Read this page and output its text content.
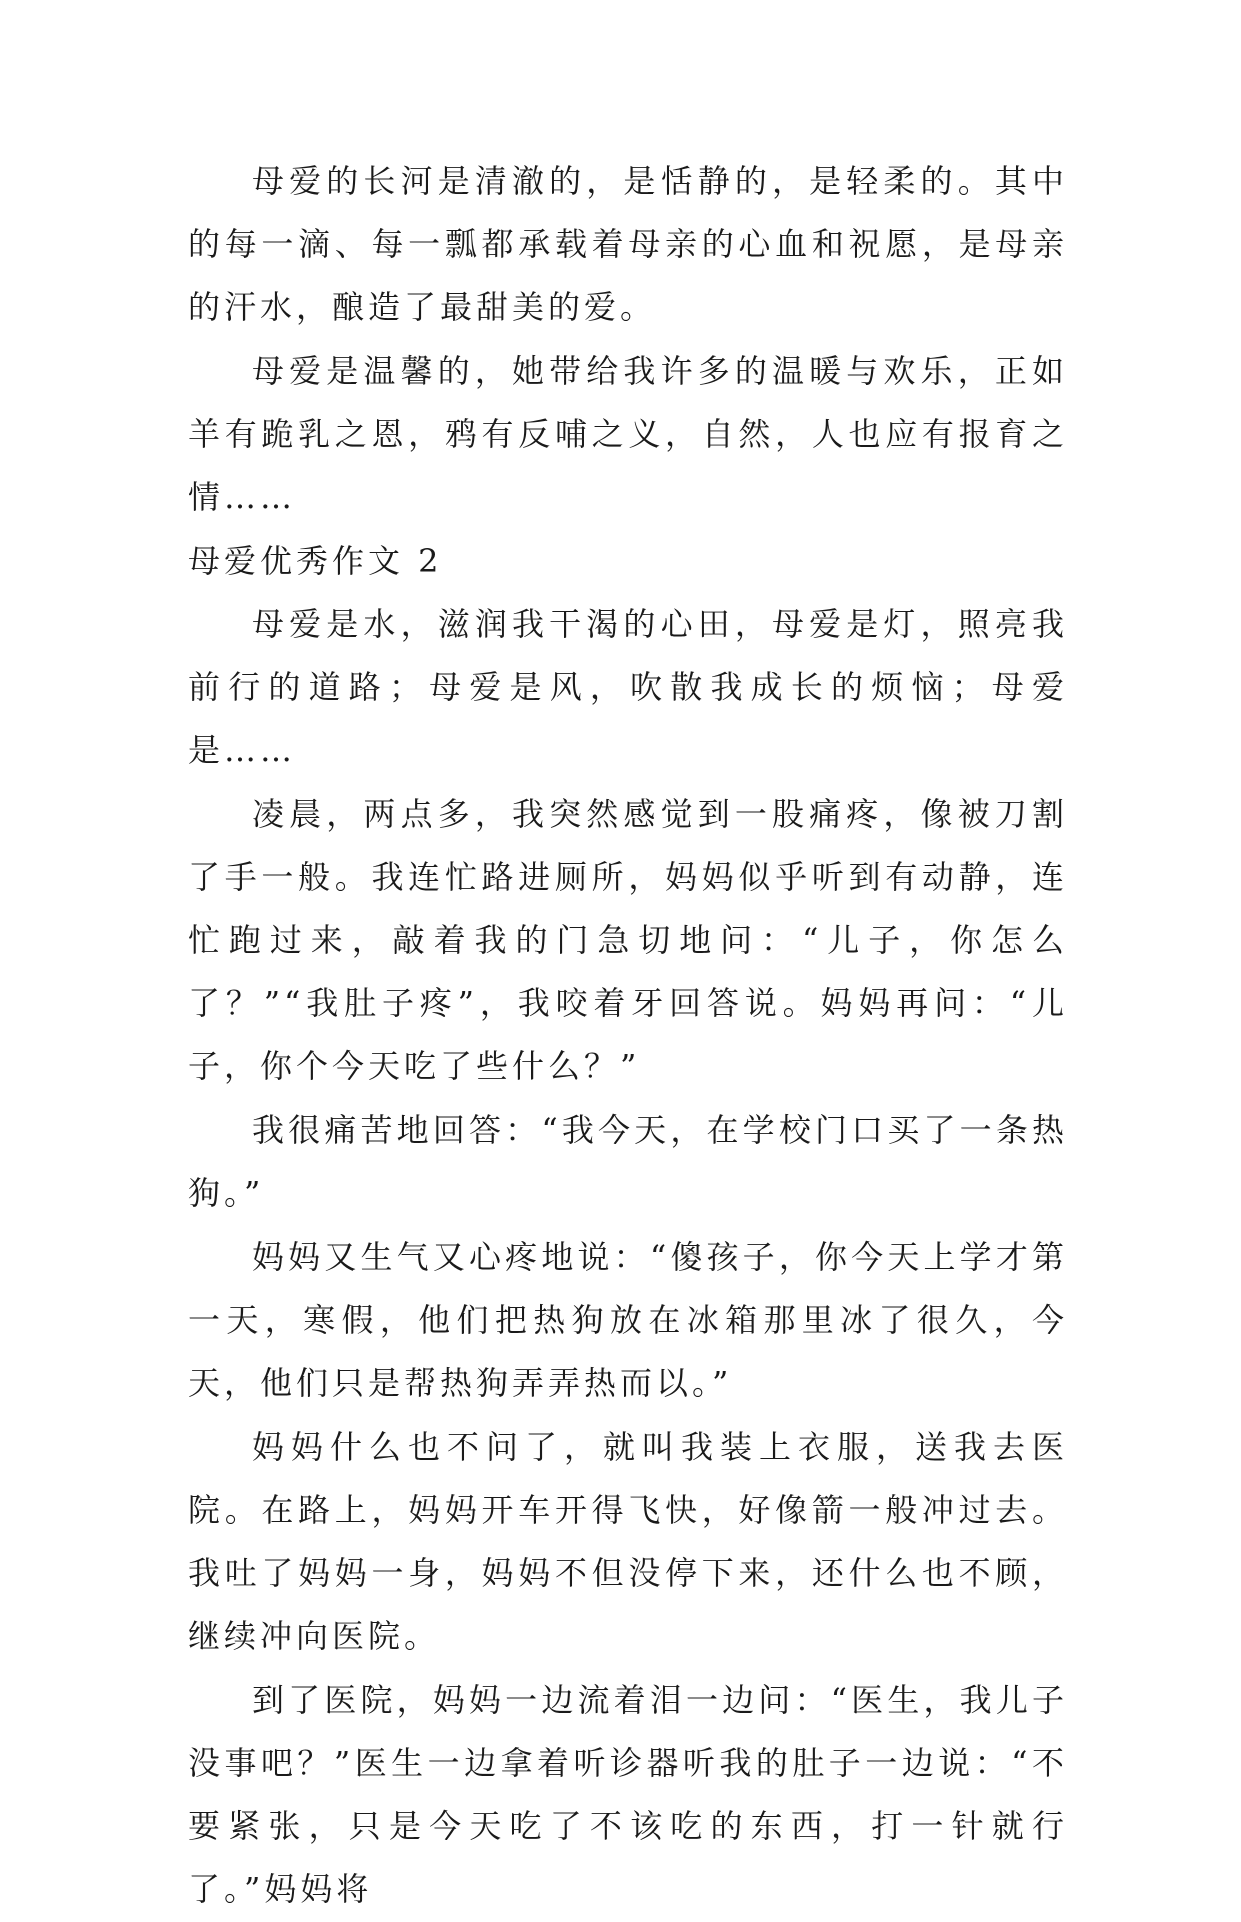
母爱的长河是清澈的，是恬静的，是轻柔的。其中的每一滴、每一瓢都承载着母亲的心血和祝愿，是母亲的汗水，酿造了最甜美的爱。

母爱是温馨的，她带给我许多的温暖与欢乐，正如羊有跪乳之恩，鸦有反哺之义，自然，人也应有报育之情……

母爱优秀作文 2

母爱是水，滋润我干渴的心田，母爱是灯，照亮我前行的道路；母爱是风，吹散我成长的烦恼；母爱是……

凌晨，两点多，我突然感觉到一股痛疼，像被刀割了手一般。我连忙路进厕所，妈妈似乎听到有动静，连忙跑过来，敲着我的门急切地问：“儿子，你怎么了？”“我肚子疼”，我咬着牙回答说。妈妈再问：“儿子，你个今天吃了些什么？”

我很痛苦地回答：“我今天，在学校门口买了一条热狗。”

妈妈又生气又心疼地说：“傻孩子，你今天上学才第一天，寒假，他们把热狗放在冰箱那里冰了很久，今天，他们只是帮热狗弄弄热而以。”

妈妈什么也不问了，就叫我装上衣服，送我去医院。在路上，妈妈开车开得飞快，好像箭一般冲过去。我吐了妈妈一身，妈妈不但没停下来，还什么也不顾，继续冲向医院。

到了医院，妈妈一边流着泪一边问：“医生，我儿子没事吧？”医生一边拿着听诊器听我的肚子一边说：“不要紧张，只是今天吃了不该吃的东西，打一针就行了。”妈妈将
